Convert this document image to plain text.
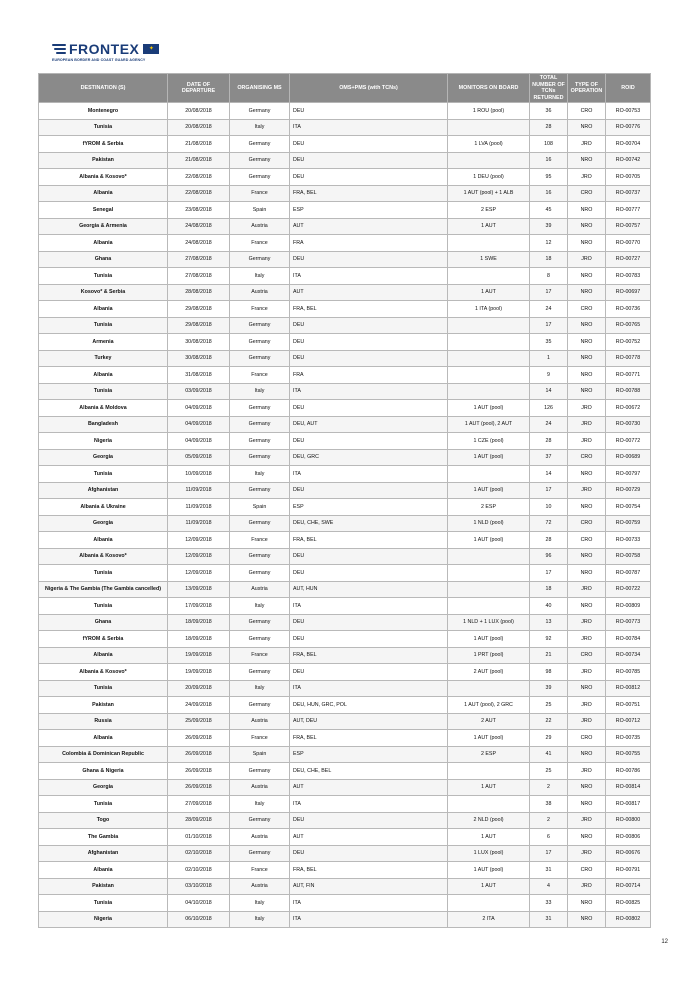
FRONTEX	✦
EUROPEAN BORDER AND COAST GUARD AGENCY
DESTINATION (S)	DATE OF DEPARTURE	ORGANISING MS	OMS+PMS (with TCNs)	MONITORS ON BOARD	TOTAL NUMBER OF TCNs RETURNED	TYPE OF OPERATION	ROID
Montenegro	20/08/2018	Germany	DEU	1 ROU (pool)	36	CRO	RO-00753
Tunisia	20/08/2018	Italy	ITA		28	NRO	RO-00776
fYROM & Serbia	21/08/2018	Germany	DEU	1 LVA (pool)	108	JRO	RO-00704
Pakistan	21/08/2018	Germany	DEU		16	NRO	RO-00742
Albania & Kosovo*	22/08/2018	Germany	DEU	1 DEU (pool)	95	JRO	RO-00705
Albania	22/08/2018	France	FRA, BEL	1 AUT (pool) + 1 ALB	16	CRO	RO-00737
Senegal	23/08/2018	Spain	ESP	2 ESP	45	NRO	RO-00777
Georgia & Armenia	24/08/2018	Austria	AUT	1 AUT	39	NRO	RO-00757
Albania	24/08/2018	France	FRA		12	NRO	RO-00770
Ghana	27/08/2018	Germany	DEU	1 SWE	18	JRO	RO-00727
Tunisia	27/08/2018	Italy	ITA		8	NRO	RO-00783
Kosovo* & Serbia	28/08/2018	Austria	AUT	1 AUT	17	NRO	RO-00697
Albania	29/08/2018	France	FRA, BEL	1 ITA (pool)	24	CRO	RO-00736
Tunisia	29/08/2018	Germany	DEU		17	NRO	RO-00765
Armenia	30/08/2018	Germany	DEU		35	NRO	RO-00752
Turkey	30/08/2018	Germany	DEU		1	NRO	RO-00778
Albania	31/08/2018	France	FRA		9	NRO	RO-00771
Tunisia	03/09/2018	Italy	ITA		14	NRO	RO-00788
Albania & Moldova	04/09/2018	Germany	DEU	1 AUT (pool)	126	JRO	RO-00672
Bangladesh	04/09/2018	Germany	DEU, AUT	1 AUT (pool), 2 AUT	24	JRO	RO-00730
Nigeria	04/09/2018	Germany	DEU	1 CZE (pool)	28	JRO	RO-00772
Georgia	05/09/2018	Germany	DEU, GRC	1 AUT (pool)	37	CRO	RO-00689
Tunisia	10/09/2018	Italy	ITA		14	NRO	RO-00797
Afghanistan	11/09/2018	Germany	DEU	1 AUT (pool)	17	JRO	RO-00729
Albania & Ukraine	11/09/2018	Spain	ESP	2 ESP	10	NRO	RO-00754
Georgia	11/09/2018	Germany	DEU, CHE, SWE	1 NLD (pool)	72	CRO	RO-00759
Albania	12/09/2018	France	FRA, BEL	1 AUT (pool)	28	CRO	RO-00733
Albania & Kosovo*	12/09/2018	Germany	DEU		96	NRO	RO-00758
Tunisia	12/09/2018	Germany	DEU		17	NRO	RO-00787
Nigeria & The Gambia (The Gambia cancelled)	13/09/2018	Austria	AUT, HUN		18	JRO	RO-00722
Tunisia	17/09/2018	Italy	ITA		40	NRO	RO-00809
Ghana	18/09/2018	Germany	DEU	1 NLD + 1 LUX (pool)	13	JRO	RO-00773
fYROM & Serbia	18/09/2018	Germany	DEU	1 AUT (pool)	92	JRO	RO-00784
Albania	19/09/2018	France	FRA, BEL	1 PRT (pool)	21	CRO	RO-00734
Albania & Kosovo*	19/09/2018	Germany	DEU	2 AUT (pool)	98	JRO	RO-00785
Tunisia	20/09/2018	Italy	ITA		39	NRO	RO-00812
Pakistan	24/09/2018	Germany	DEU, HUN, GRC, POL	1 AUT (pool), 2 GRC	25	JRO	RO-00751
Russia	25/09/2018	Austria	AUT, DEU	2 AUT	22	JRO	RO-00712
Albania	26/09/2018	France	FRA, BEL	1 AUT (pool)	29	CRO	RO-00735
Colombia & Dominican Republic	26/09/2018	Spain	ESP	2 ESP	41	NRO	RO-00755
Ghana & Nigeria	26/09/2018	Germany	DEU, CHE, BEL		25	JRO	RO-00786
Georgia	26/09/2018	Austria	AUT	1 AUT	2	NRO	RO-00814
Tunisia	27/09/2018	Italy	ITA		38	NRO	RO-00817
Togo	28/09/2018	Germany	DEU	2 NLD (pool)	2	JRO	RO-00800
The Gambia	01/10/2018	Austria	AUT	1 AUT	6	NRO	RO-00806
Afghanistan	02/10/2018	Germany	DEU	1 LUX (pool)	17	JRO	RO-00676
Albania	02/10/2018	France	FRA, BEL	1 AUT (pool)	31	CRO	RO-00791
Pakistan	03/10/2018	Austria	AUT, FIN	1 AUT	4	JRO	RO-00714
Tunisia	04/10/2018	Italy	ITA		33	NRO	RO-00825
Nigeria	06/10/2018	Italy	ITA	2 ITA	31	NRO	RO-00802
12
